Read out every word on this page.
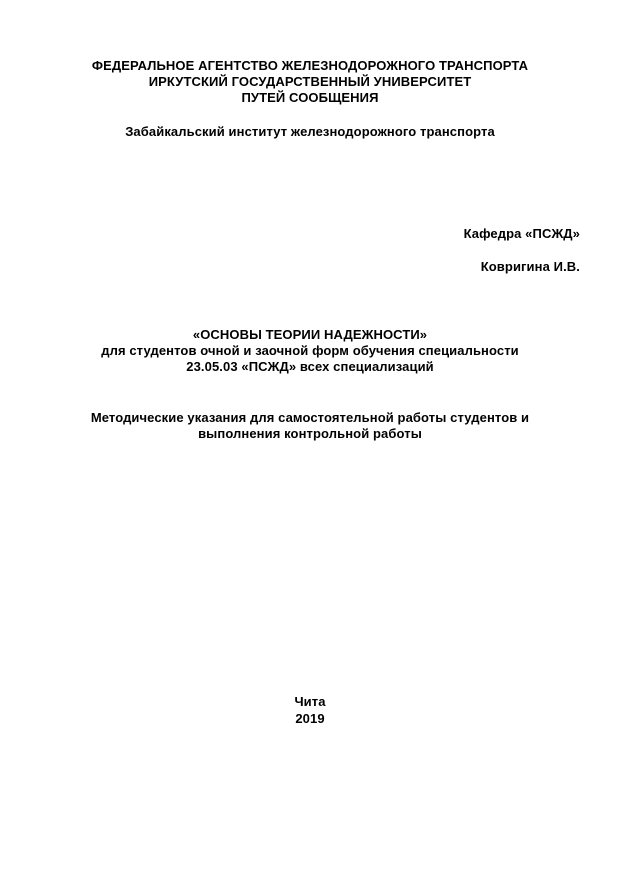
ФЕДЕРАЛЬНОЕ АГЕНТСТВО ЖЕЛЕЗНОДОРОЖНОГО ТРАНСПОРТА
ИРКУТСКИЙ ГОСУДАРСТВЕННЫЙ УНИВЕРСИТЕТ
ПУТЕЙ СООБЩЕНИЯ
Забайкальский институт железнодорожного транспорта
Кафедра «ПСЖД»
Ковригина И.В.
«ОСНОВЫ ТЕОРИИ НАДЕЖНОСТИ»
для студентов очной и заочной форм обучения специальности
23.05.03 «ПСЖД» всех специализаций
Методические указания для самостоятельной работы студентов и
выполнения контрольной работы
Чита
2019
